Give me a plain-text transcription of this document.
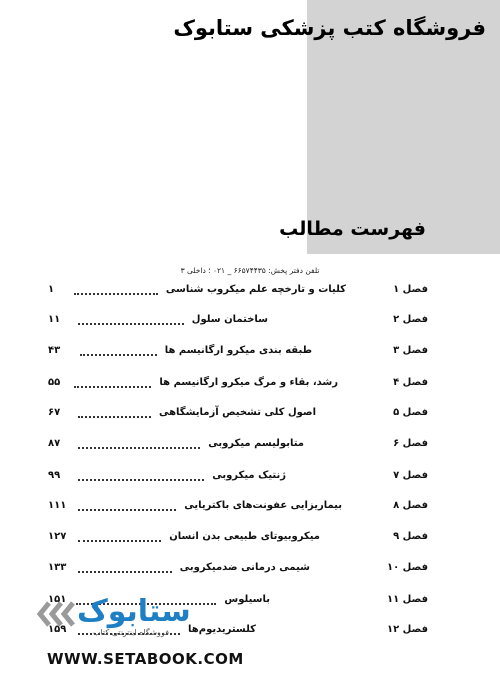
فروشگاه کتب پزشکی ستابوک
فهرست مطالب
تلفن دفتر پخش: ۶۶۵۷۴۴۳۵ _ ۰۲۱ ؛ داخلی ۳
فصل ۱
کلیات و تارخچه علم میکروب شناسی
۱
فصل ۲
ساختمان سلول
۱۱
فصل ۳
طبقه بندی میکرو ارگانیسم ها
۴۳
فصل ۴
رشد، بقاء و مرگ میکرو ارگانیسم ها
۵۵
فصل ۵
اصول کلی تشخیص آزمایشگاهی
۶۷
فصل ۶
متابولیسم میکروبی
۸۷
فصل ۷
ژنتیک میکروبی
۹۹
فصل ۸
بیماریزایی عفونت‌های باکتریایی
۱۱۱
فصل ۹
میکروبیوتای طبیعی بدن انسان
۱۲۷
فصل ۱۰
شیمی درمانی ضدمیکروبی
۱۳۳
فصل ۱۱
باسیلوس
۱۵۱
فصل ۱۲
کلستریدیوم‌ها
۱۵۹
ستابوک
فروشگاه اینترنتی کتاب
WWW.SETABOOK.COM
